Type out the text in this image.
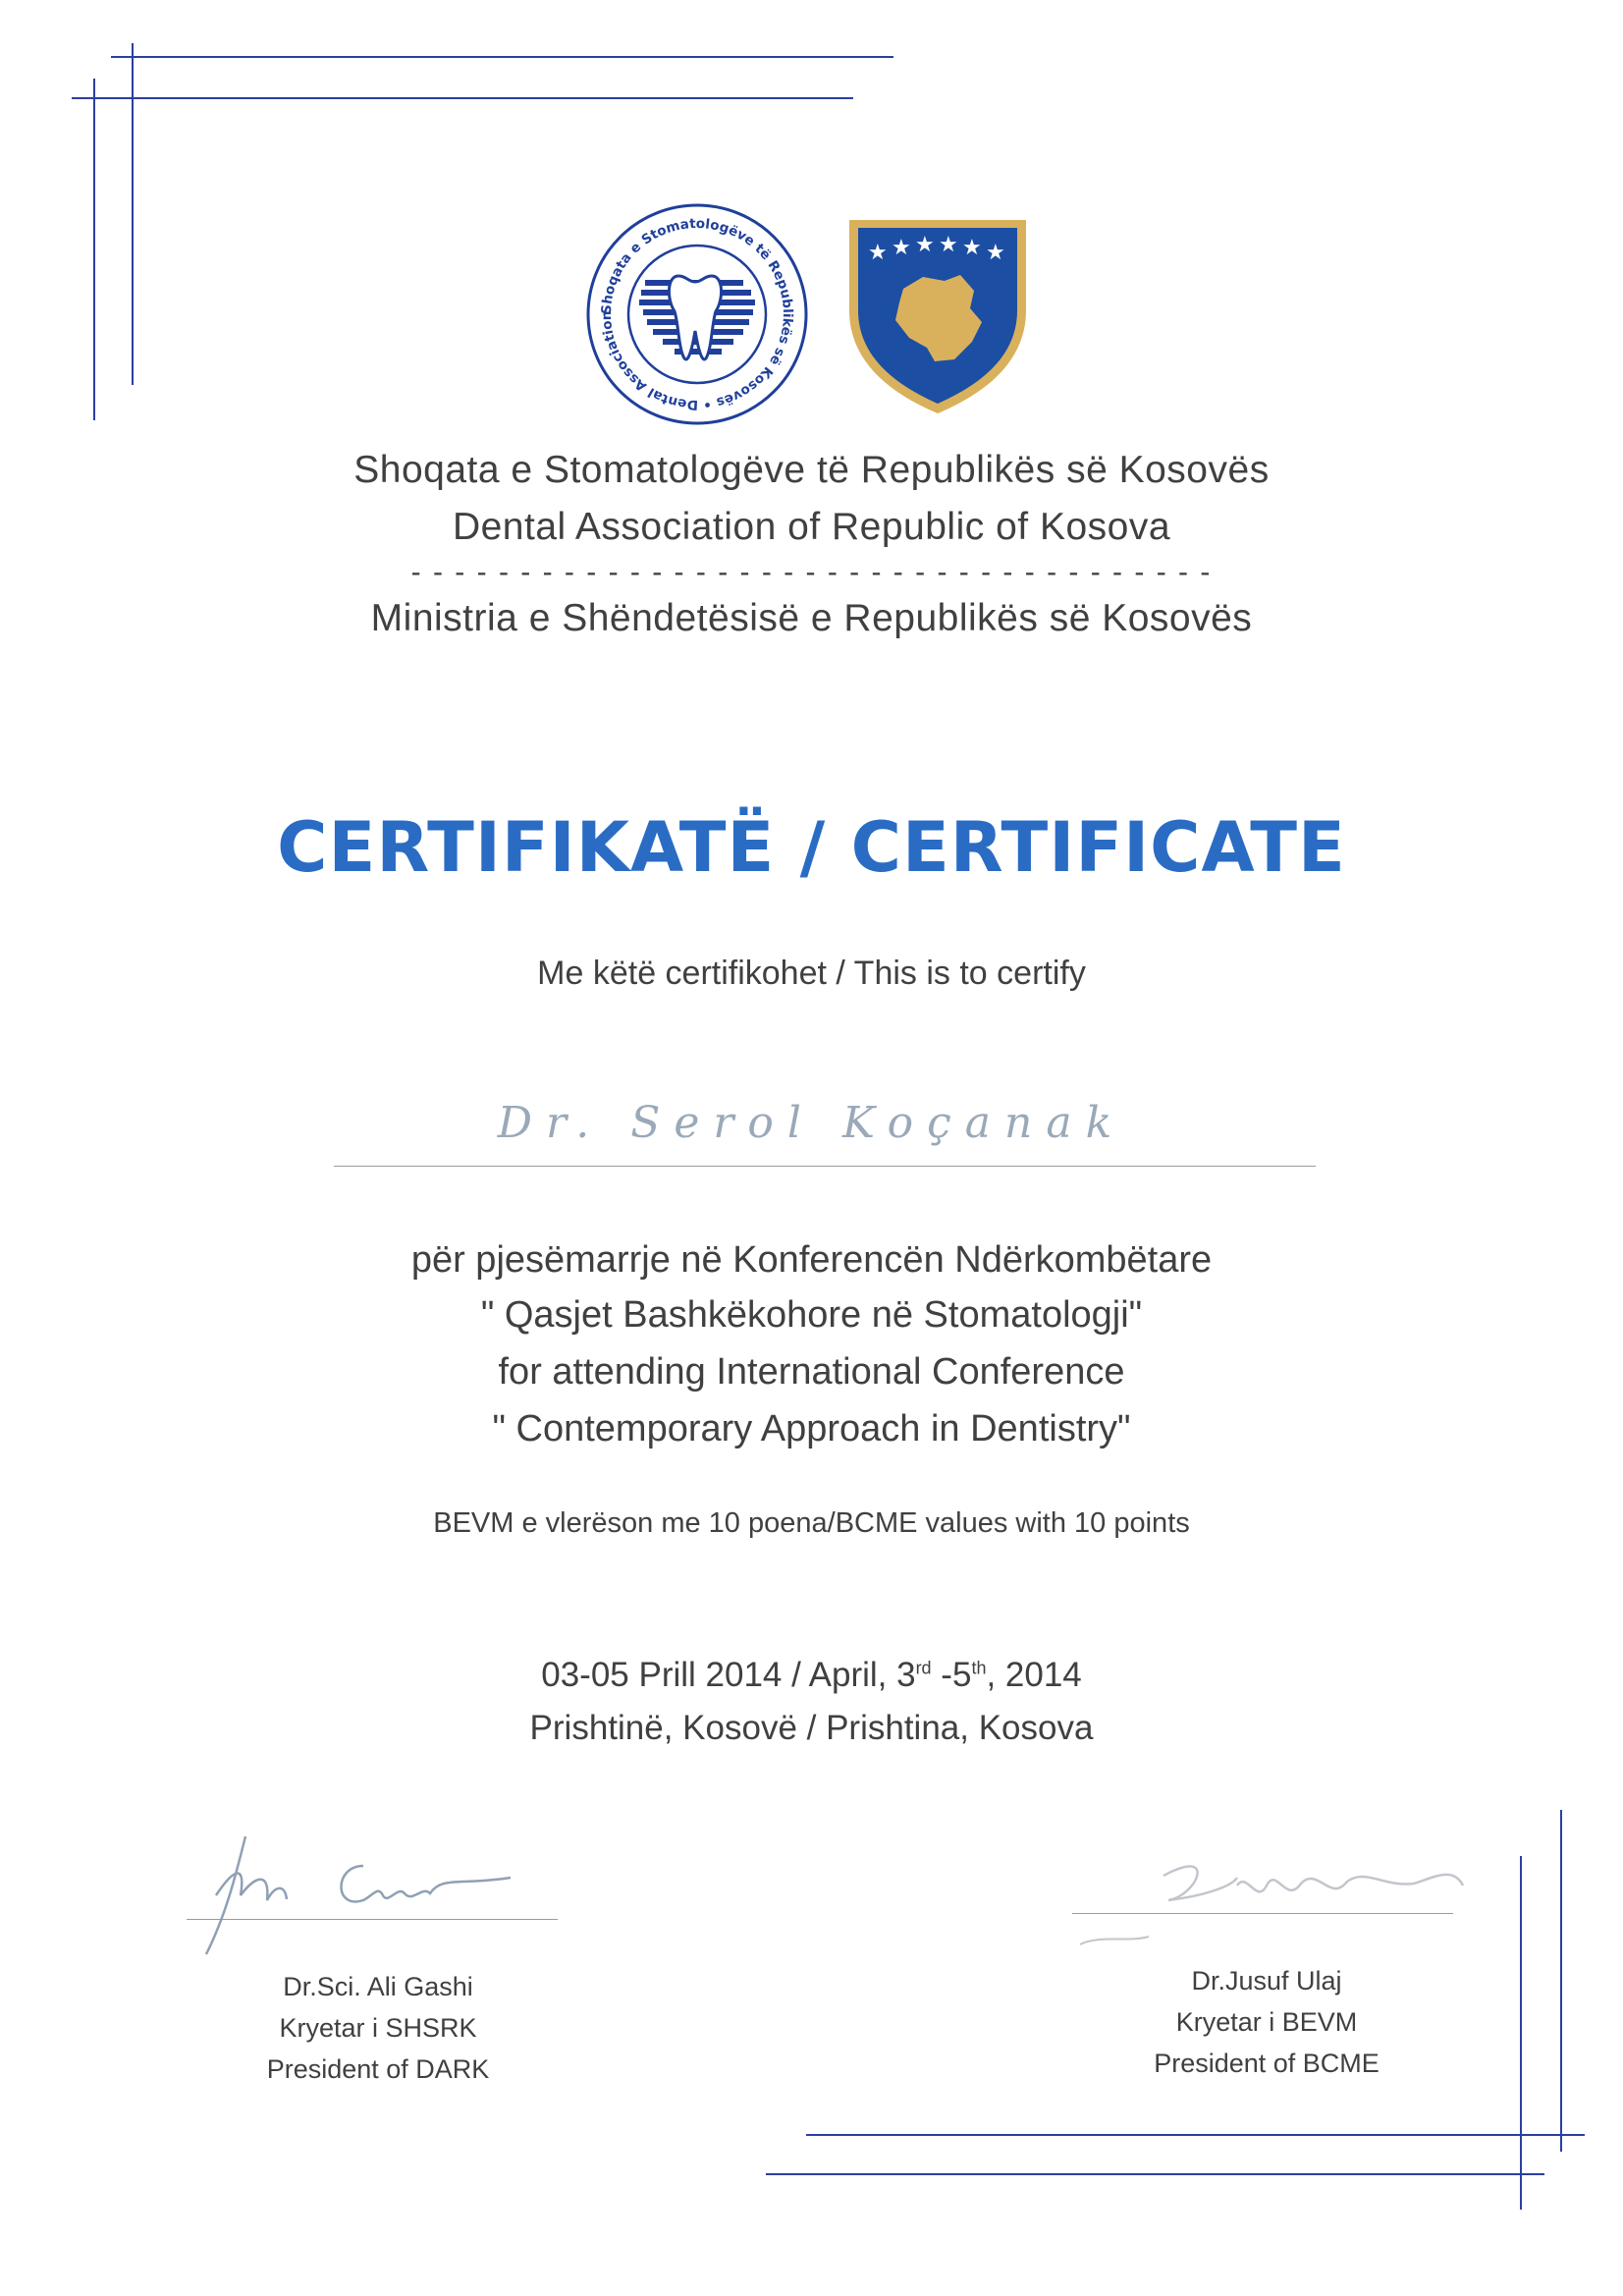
Shoqata e Stomatologëve të Republikës së Kosovës • Dental Association
★ ★ ★ ★ ★ ★
Shoqata e Stomatologëve të Republikës së Kosovës
Dental Association of Republic of Kosova
- - - - - - - - - - - - - - - - - - - - - - - - - - - - - - - - - - - - -
Ministria e Shëndetësisë e Republikës së Kosovës
CERTIFIKATË / CERTIFICATE
Me këtë certifikohet / This is to certify
Dr. Serol Koçanak
për pjesëmarrje në Konferencën Ndërkombëtare
" Qasjet Bashkëkohore në Stomatologji"
for attending International Conference
" Contemporary Approach in Dentistry"
BEVM e vlerëson me 10 poena/BCME values with 10 points
03-05 Prill 2014 / April, 3rd -5th, 2014
Prishtinë, Kosovë / Prishtina, Kosova
Dr.Sci. Ali Gashi
Kryetar i SHSRK
President of DARK
Dr.Jusuf Ulaj
Kryetar i BEVM
President of BCME
